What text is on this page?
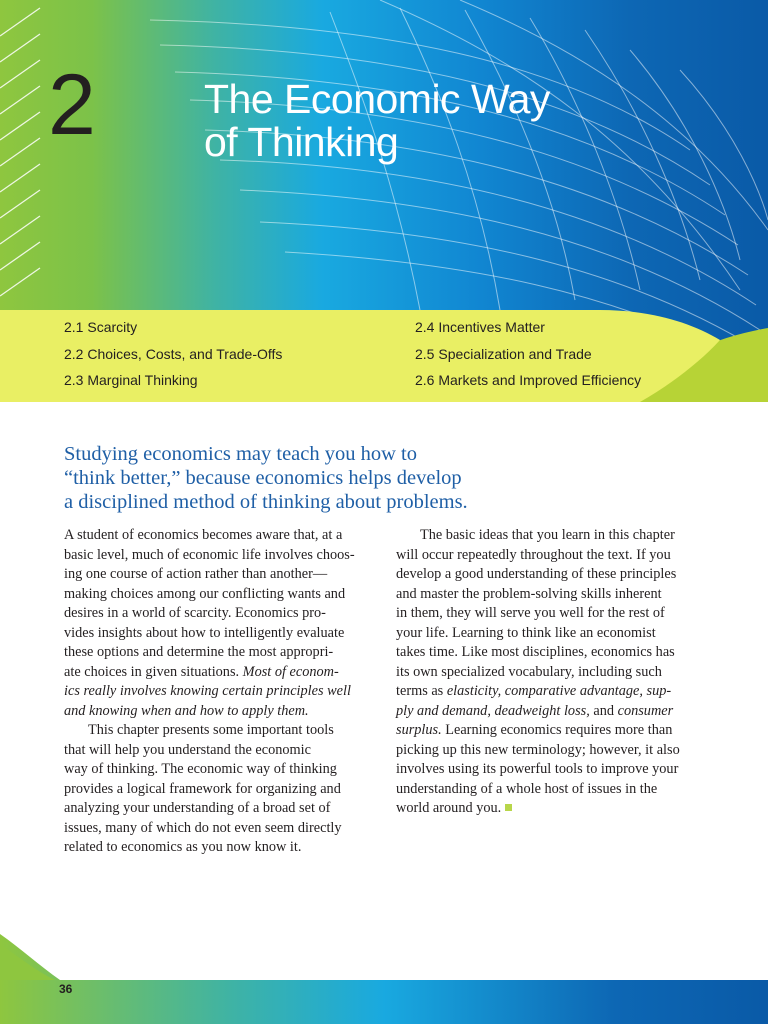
2	The Economic Way
of Thinking
2.1 Scarcity
2.2 Choices, Costs, and Trade-Offs
2.3 Marginal Thinking
2.4 Incentives Matter
2.5 Specialization and Trade
2.6 Markets and Improved Efficiency
Studying economics may teach you how to
“think better,” because economics helps develop
a disciplined method of thinking about problems.
A student of economics becomes aware that, at a
basic level, much of economic life involves choos-
ing one course of action rather than another—
making choices among our conflicting wants and
desires in a world of scarcity. Economics pro-
vides insights about how to intelligently evaluate
these options and determine the most appropri-
ate choices in given situations. Most of econom-
ics really involves knowing certain principles well
and knowing when and how to apply them.
This chapter presents some important tools
that will help you understand the economic
way of thinking. The economic way of thinking
provides a logical framework for organizing and
analyzing your understanding of a broad set of
issues, many of which do not even seem directly
related to economics as you now know it.
The basic ideas that you learn in this chapter
will occur repeatedly throughout the text. If you
develop a good understanding of these principles
and master the problem-solving skills inherent
in them, they will serve you well for the rest of
your life. Learning to think like an economist
takes time. Like most disciplines, economics has
its own specialized vocabulary, including such
terms as elasticity, comparative advantage, sup-
ply and demand, deadweight loss, and consumer
surplus. Learning economics requires more than
picking up this new terminology; however, it also
involves using its powerful tools to improve your
understanding of a whole host of issues in the
world around you.
36
